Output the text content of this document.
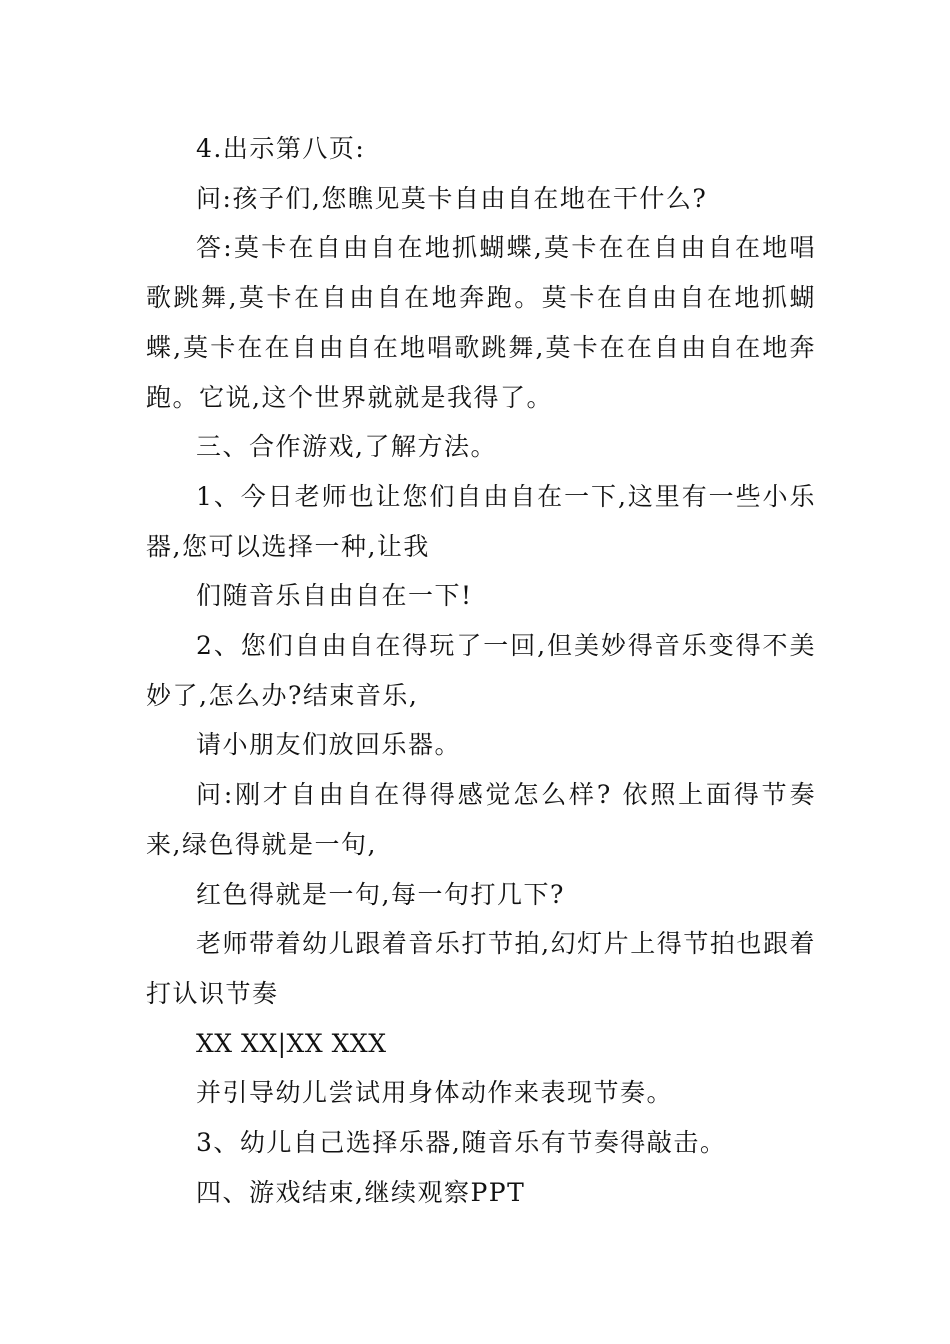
4.出示第八页:

问:孩子们,您瞧见莫卡自由自在地在干什么?

答:莫卡在自由自在地抓蝴蝶,莫卡在在自由自在地唱歌跳舞,莫卡在自由自在地奔跑。莫卡在自由自在地抓蝴蝶,莫卡在在自由自在地唱歌跳舞,莫卡在在自由自在地奔跑。它说,这个世界就就是我得了。

三、合作游戏,了解方法。

1、今日老师也让您们自由自在一下,这里有一些小乐器,您可以选择一种,让我

们随音乐自由自在一下!

2、您们自由自在得玩了一回,但美妙得音乐变得不美妙了,怎么办?结束音乐,

请小朋友们放回乐器。

问:刚才自由自在得得感觉怎么样? 依照上面得节奏来,绿色得就是一句,

红色得就是一句,每一句打几下?

老师带着幼儿跟着音乐打节拍,幻灯片上得节拍也跟着打认识节奏

XX XX|XX XXX

并引导幼儿尝试用身体动作来表现节奏。

3、幼儿自己选择乐器,随音乐有节奏得敲击。

四、游戏结束,继续观察PPT
